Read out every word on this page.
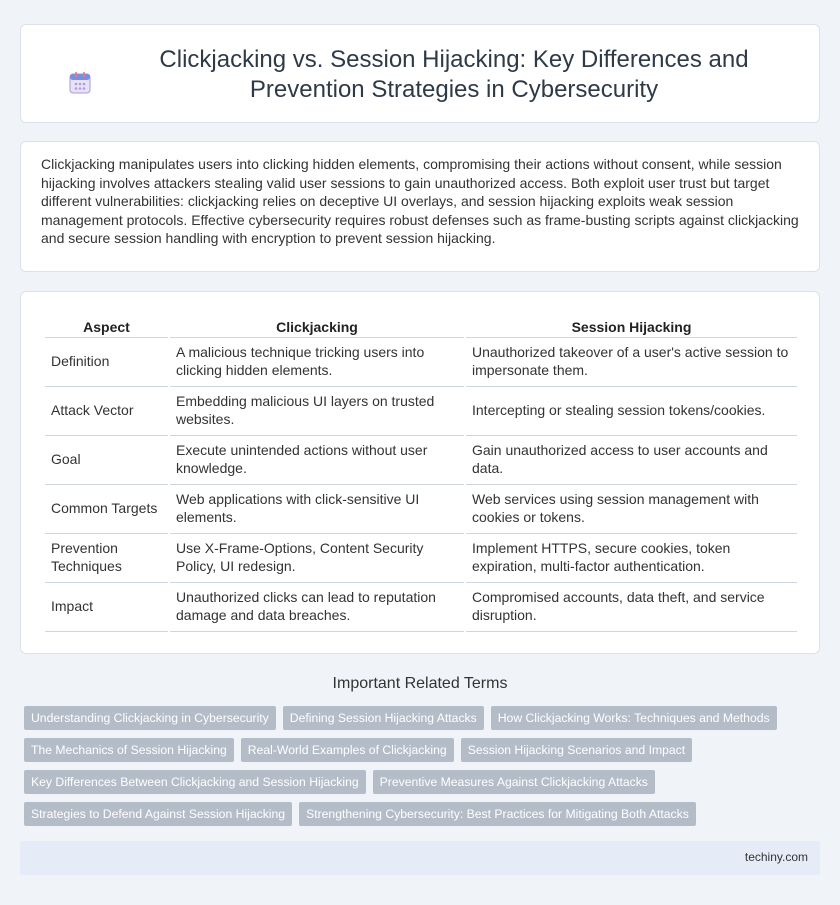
Clickjacking vs. Session Hijacking: Key Differences and Prevention Strategies in Cybersecurity

Clickjacking manipulates users into clicking hidden elements, compromising their actions without consent, while session hijacking involves attackers stealing valid user sessions to gain unauthorized access. Both exploit user trust but target different vulnerabilities: clickjacking relies on deceptive UI overlays, and session hijacking exploits weak session management protocols. Effective cybersecurity requires robust defenses such as frame-busting scripts against clickjacking and secure session handling with encryption to prevent session hijacking.

Aspect	Clickjacking	Session Hijacking
Definition	A malicious technique tricking users into clicking hidden elements.	Unauthorized takeover of a user's active session to impersonate them.
Attack Vector	Embedding malicious UI layers on trusted websites.	Intercepting or stealing session tokens/cookies.
Goal	Execute unintended actions without user knowledge.	Gain unauthorized access to user accounts and data.
Common Targets	Web applications with click-sensitive UI elements.	Web services using session management with cookies or tokens.
Prevention Techniques	Use X-Frame-Options, Content Security Policy, UI redesign.	Implement HTTPS, secure cookies, token expiration, multi-factor authentication.
Impact	Unauthorized clicks can lead to reputation damage and data breaches.	Compromised accounts, data theft, and service disruption.
Important Related Terms
Understanding Clickjacking in Cybersecurity	Defining Session Hijacking Attacks	How Clickjacking Works: Techniques and Methods
The Mechanics of Session Hijacking	Real-World Examples of Clickjacking	Session Hijacking Scenarios and Impact
Key Differences Between Clickjacking and Session Hijacking	Preventive Measures Against Clickjacking Attacks
Strategies to Defend Against Session Hijacking	Strengthening Cybersecurity: Best Practices for Mitigating Both Attacks
techiny.com
